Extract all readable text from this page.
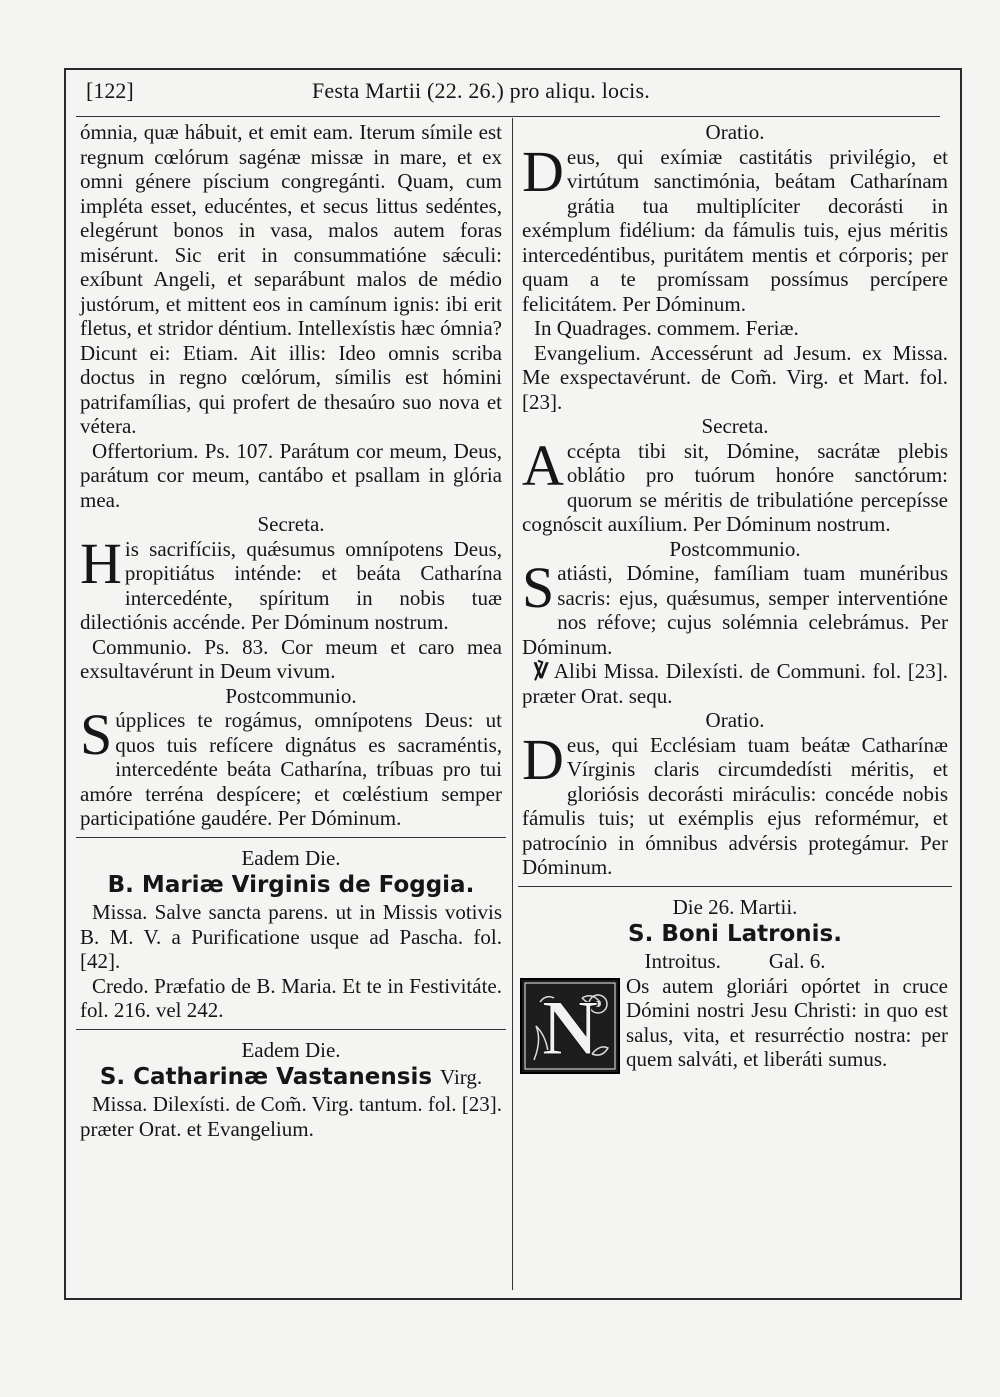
[122]	Festa Martii (22. 26.) pro aliqu. locis.

ómnia, quæ hábuit, et emit eam. Iterum símile est regnum cœlórum sagénæ missæ in mare, et ex omni génere píscium congregánti. Quam, cum impléta esset, educéntes, et secus littus sedéntes, elegérunt bonos in vasa, malos autem foras misérunt. Sic erit in consummatióne sǽculi: exíbunt Angeli, et separábunt malos de médio justórum, et mittent eos in camínum ignis: ibi erit fletus, et stridor déntium. Intellexístis hæc ómnia? Dicunt ei: Etiam. Ait illis: Ideo omnis scriba doctus in regno cœlórum, símilis est hómini patrifamílias, qui profert de thesaúro suo nova et vétera.

Offertorium. Ps. 107. Parátum cor meum, Deus, parátum cor meum, cantábo et psallam in glória mea.

Secreta.

His sacrifíciis, quǽsumus omnípotens Deus, propitiátus inténde: et beáta Catharína intercedénte, spíritum in nobis tuæ dilectiónis accénde. Per Dóminum nostrum.

Communio. Ps. 83. Cor meum et caro mea exsultavérunt in Deum vivum.

Postcommunio.

Súpplices te rogámus, omnípotens Deus: ut quos tuis refícere dignátus es sacraméntis, intercedénte beáta Catharína, tríbuas pro tui amóre terréna despícere; et cœléstium semper participatióne gaudére. Per Dóminum.

Eadem Die.

B. Mariæ Virginis de Foggia.

Missa. Salve sancta parens. ut in Missis votivis B. M. V. a Purificatione usque ad Pascha. fol. [42].

Credo. Præfatio de B. Maria. Et te in Festivitáte. fol. 216. vel 242.

Eadem Die.

S. Catharinæ Vastanensis Virg.

Missa. Dilexísti. de Com̃. Virg. tantum. fol. [23]. præter Orat. et Evangelium.

Oratio.

Deus, qui exímiæ castitátis privilégio, et virtútum sanctimónia, beátam Catharínam grátia tua multiplíciter decorásti in exémplum fidélium: da fámulis tuis, ejus méritis intercedéntibus, puritátem mentis et córporis; per quam a te promíssam possímus percípere felicitátem. Per Dóminum.

In Quadrages. commem. Feriæ.

Evangelium. Accessérunt ad Jesum. ex Missa. Me exspectavérunt. de Com̃. Virg. et Mart. fol. [23].

Secreta.

Accépta tibi sit, Dómine, sacrátæ plebis oblátio pro tuórum honóre sanctórum: quorum se méritis de tribulatióne percepísse cognóscit auxílium. Per Dóminum nostrum.

Postcommunio.

Satiásti, Dómine, famíliam tuam munéribus sacris: ejus, quǽsumus, semper interventióne nos réfove; cujus solémnia celebrámus. Per Dóminum.

℣ Alibi Missa. Dilexísti. de Communi. fol. [23]. præter Orat. sequ.

Oratio.

Deus, qui Ecclésiam tuam beátæ Catharínæ Vírginis claris circumdedísti méritis, et gloriósis decorásti miráculis: concéde nobis fámulis tuis; ut exémplis ejus reformémur, et patrocínio in ómnibus advérsis protegámur. Per Dóminum.

Die 26. Martii.

S. Boni Latronis.

Introitus. Gal. 6.

N Os autem gloriári opórtet in cruce Dómini nostri Jesu Christi: in quo est salus, vita, et resurréctio nostra: per quem salváti, et liberáti sumus.
